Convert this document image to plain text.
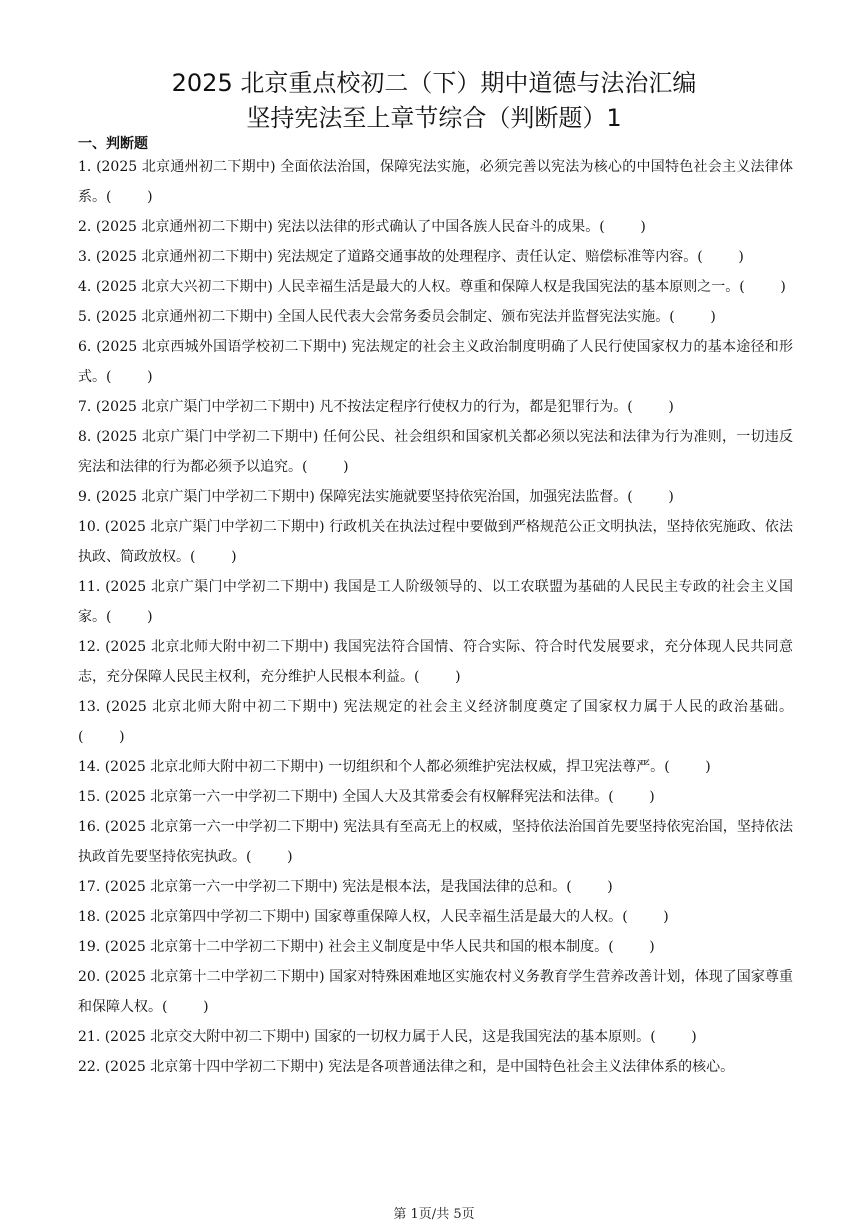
2025 北京重点校初二（下）期中道德与法治汇编
坚持宪法至上章节综合（判断题）1
一、判断题
1. (2025 北京通州初二下期中) 全面依法治国，保障宪法实施，必须完善以宪法为核心的中国特色社会主义法律体系。(        )
2. (2025 北京通州初二下期中) 宪法以法律的形式确认了中国各族人民奋斗的成果。(        )
3. (2025 北京通州初二下期中) 宪法规定了道路交通事故的处理程序、责任认定、赔偿标准等内容。(        )
4. (2025 北京大兴初二下期中) 人民幸福生活是最大的人权。尊重和保障人权是我国宪法的基本原则之一。(        )
5. (2025 北京通州初二下期中) 全国人民代表大会常务委员会制定、颁布宪法并监督宪法实施。(        )
6. (2025 北京西城外国语学校初二下期中) 宪法规定的社会主义政治制度明确了人民行使国家权力的基本途径和形式。(        )
7. (2025 北京广渠门中学初二下期中) 凡不按法定程序行使权力的行为，都是犯罪行为。(        )
8. (2025 北京广渠门中学初二下期中) 任何公民、社会组织和国家机关都必须以宪法和法律为行为准则，一切违反宪法和法律的行为都必须予以追究。(        )
9. (2025 北京广渠门中学初二下期中) 保障宪法实施就要坚持依宪治国，加强宪法监督。(        )
10. (2025 北京广渠门中学初二下期中) 行政机关在执法过程中要做到严格规范公正文明执法，坚持依宪施政、依法执政、简政放权。(        )
11. (2025 北京广渠门中学初二下期中) 我国是工人阶级领导的、以工农联盟为基础的人民民主专政的社会主义国家。(        )
12. (2025 北京北师大附中初二下期中) 我国宪法符合国情、符合实际、符合时代发展要求，充分体现人民共同意志，充分保障人民民主权利，充分维护人民根本利益。(        )
13. (2025 北京北师大附中初二下期中) 宪法规定的社会主义经济制度奠定了国家权力属于人民的政治基础。(        )
14. (2025 北京北师大附中初二下期中) 一切组织和个人都必须维护宪法权威，捍卫宪法尊严。(        )
15. (2025 北京第一六一中学初二下期中) 全国人大及其常委会有权解释宪法和法律。(        )
16. (2025 北京第一六一中学初二下期中) 宪法具有至高无上的权威，坚持依法治国首先要坚持依宪治国，坚持依法执政首先要坚持依宪执政。(        )
17. (2025 北京第一六一中学初二下期中) 宪法是根本法，是我国法律的总和。(        )
18. (2025 北京第四中学初二下期中) 国家尊重保障人权，人民幸福生活是最大的人权。(        )
19. (2025 北京第十二中学初二下期中) 社会主义制度是中华人民共和国的根本制度。(        )
20. (2025 北京第十二中学初二下期中) 国家对特殊困难地区实施农村义务教育学生营养改善计划，体现了国家尊重和保障人权。(        )
21. (2025 北京交大附中初二下期中) 国家的一切权力属于人民，这是我国宪法的基本原则。(        )
22. (2025 北京第十四中学初二下期中) 宪法是各项普通法律之和，是中国特色社会主义法律体系的核心。
第 1页/共 5页
